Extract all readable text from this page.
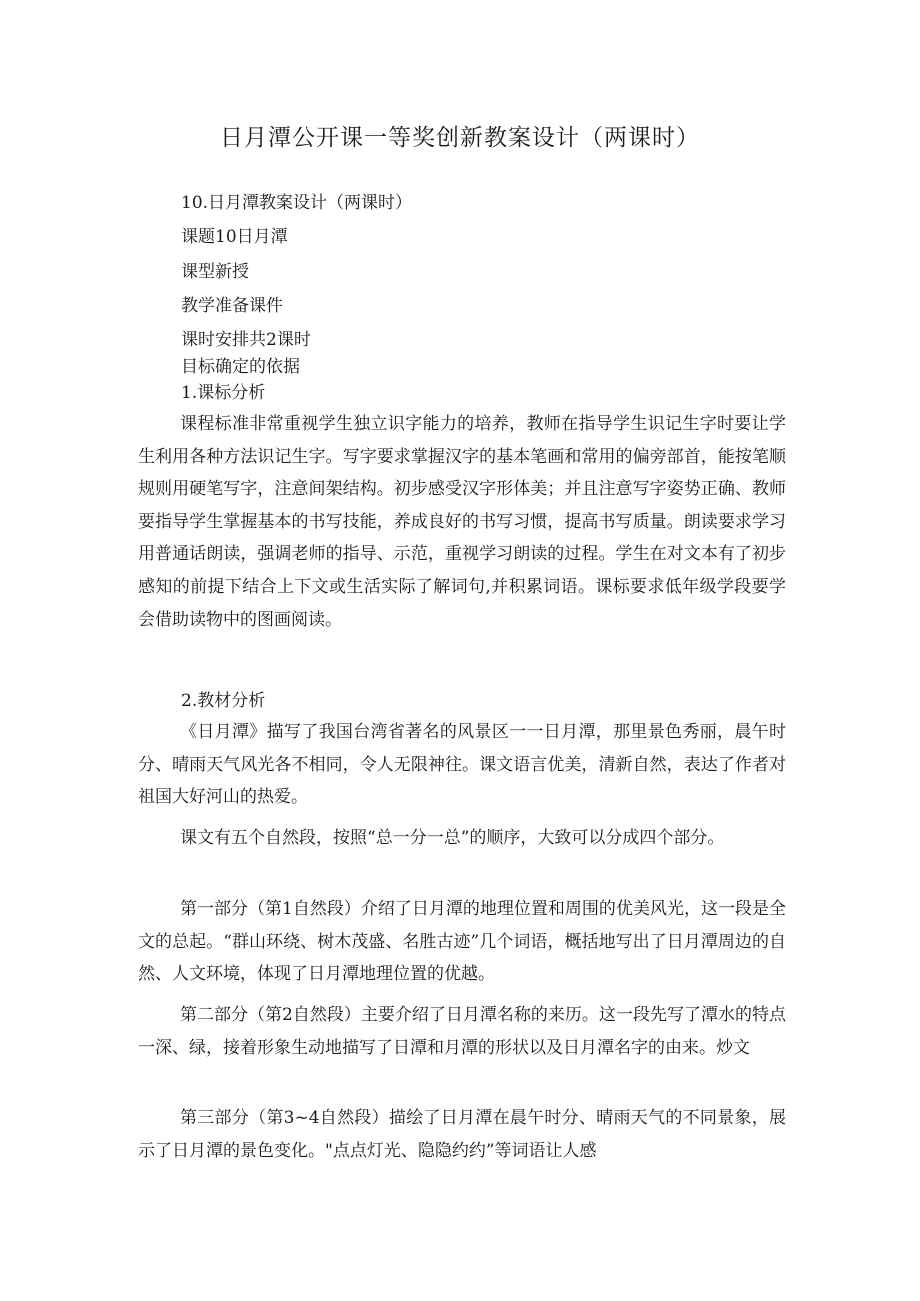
日月潭公开课一等奖创新教案设计（两课时）

10.日月潭教案设计（两课时）

课题10日月潭

课型新授

教学准备课件

课时安排共2课时

目标确定的依据

1.课标分析

课程标准非常重视学生独立识字能力的培养，教师在指导学生识记生字时要让学生利用各种方法识记生字。写字要求掌握汉字的基本笔画和常用的偏旁部首，能按笔顺规则用硬笔写字，注意间架结构。初步感受汉字形体美；并且注意写字姿势正确、教师要指导学生掌握基本的书写技能，养成良好的书写习惯，提高书写质量。朗读要求学习用普通话朗读，强调老师的指导、示范，重视学习朗读的过程。学生在对文本有了初步感知的前提下结合上下文或生活实际了解词句,并积累词语。课标要求低年级学段要学会借助读物中的图画阅读。

2.教材分析

《日月潭》描写了我国台湾省著名的风景区一一日月潭，那里景色秀丽，晨午时分、晴雨天气风光各不相同，令人无限神往。课文语言优美，清新自然，表达了作者对祖国大好河山的热爱。

课文有五个自然段，按照“总一分一总”的顺序，大致可以分成四个部分。

第一部分（第1自然段）介绍了日月潭的地理位置和周围的优美风光，这一段是全文的总起。“群山环绕、树木茂盛、名胜古迹”几个词语，概括地写出了日月潭周边的自然、人文环境，体现了日月潭地理位置的优越。

第二部分（第2自然段）主要介绍了日月潭名称的来历。这一段先写了潭水的特点一深、绿，接着形象生动地描写了日潭和月潭的形状以及日月潭名字的由来。炒文

第三部分（第3~4自然段）描绘了日月潭在晨午时分、晴雨天气的不同景象，展示了日月潭的景色变化。"点点灯光、隐隐约约”等词语让人感
